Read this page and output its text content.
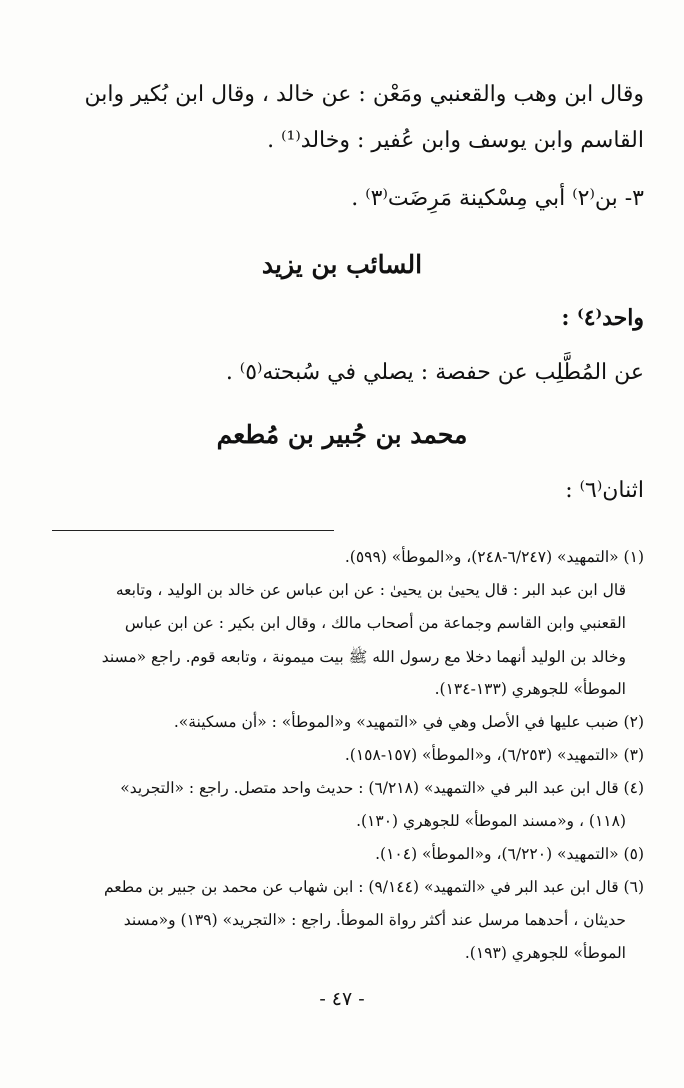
وقال ابن وهب والقعنبي ومَعْن : عن خالد ، وقال ابن بُكير وابن
القاسم وابن يوسف وابن عُفير : وخالد⁽¹⁾ .
٣- بن⁽٢⁾ أبي مِسْكينة مَرِضَت⁽٣⁾ .
السائب بن يزيد
واحد⁽٤⁾ :
عن المُطَّلِب عن حفصة : يصلي في سُبحته⁽٥⁾ .
محمد بن جُبير بن مُطعم
اثنان⁽٦⁾ :
(١) «التمهيد» (٦/٢٤٧-٢٤٨)، و«الموطأ» (٥٩٩).
قال ابن عبد البر : قال يحيىٰ بن يحيىٰ : عن ابن عباس عن خالد بن الوليد ، وتابعه
القعنبي وابن القاسم وجماعة من أصحاب مالك ، وقال ابن بكير : عن ابن عباس
وخالد بن الوليد أنهما دخلا مع رسول الله ﷺ بيت ميمونة ، وتابعه قوم. راجع «مسند
الموطأ» للجوهري (١٣٣-١٣٤).
(٢) ضبب عليها في الأصل وهي في «التمهيد» و«الموطأ» : «أن مسكينة».
(٣) «التمهيد» (٦/٢٥٣)، و«الموطأ» (١٥٧-١٥٨).
(٤) قال ابن عبد البر في «التمهيد» (٦/٢١٨) : حديث واحد متصل. راجع : «التجريد»
(١١٨) ، و«مسند الموطأ» للجوهري (١٣٠).
(٥) «التمهيد» (٦/٢٢٠)، و«الموطأ» (١٠٤).
(٦) قال ابن عبد البر في «التمهيد» (٩/١٤٤) : ابن شهاب عن محمد بن جبير بن مطعم
حديثان ، أحدهما مرسل عند أكثر رواة الموطأ. راجع : «التجريد» (١٣٩) و«مسند
الموطأ» للجوهري (١٩٣).
- ٤٧ -
